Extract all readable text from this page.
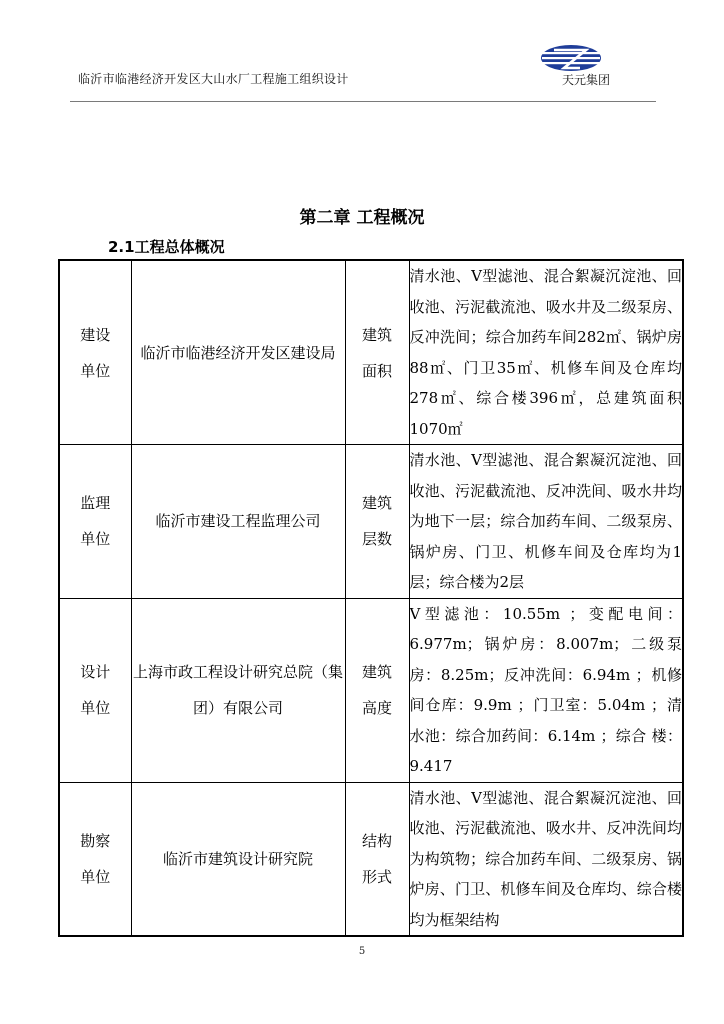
临沂市临港经济开发区大山水厂工程施工组织设计	天元集团
第二章 工程概况
2.1工程总体概况
建设单位	临沂市临港经济开发区建设局	建筑面积	清水池、V型滤池、混合絮凝沉淀池、回收池、污泥截流池、吸水井及二级泵房、反冲洗间；综合加药车间282㎡、锅炉房88㎡、门卫35㎡、机修车间及仓库均278㎡、综合楼396㎡，总建筑面积1070㎡
监理单位	临沂市建设工程监理公司	建筑层数	清水池、V型滤池、混合絮凝沉淀池、回收池、污泥截流池、反冲洗间、吸水井均为地下一层；综合加药车间、二级泵房、锅炉房、门卫、机修车间及仓库均为1层；综合楼为2层
设计单位	上海市政工程设计研究总院（集团）有限公司	建筑高度	V型滤池：10.55m ；变配电间：6.977m；锅炉房：8.007m；二级泵房：8.25m；反冲洗间：6.94m ；机修间仓库：9.9m ；门卫室：5.04m ；清水池：综合加药间：6.14m ；综合 楼：9.417
勘察单位	临沂市建筑设计研究院	结构形式	清水池、V型滤池、混合絮凝沉淀池、回收池、污泥截流池、吸水井、反冲洗间均为构筑物；综合加药车间、二级泵房、锅炉房、门卫、机修车间及仓库均、综合楼均为框架结构
5
